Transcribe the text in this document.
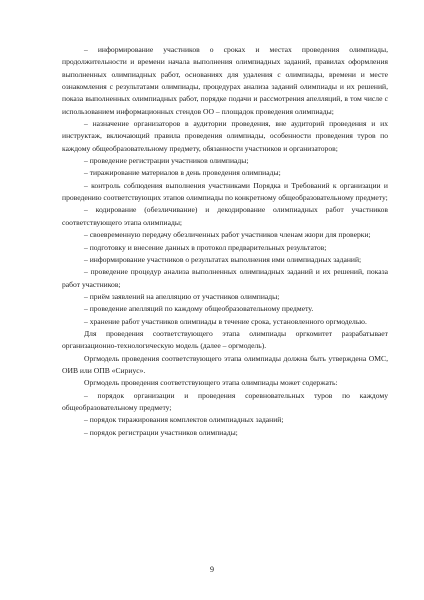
– информирование участников о сроках и местах проведения олимпиады, продолжительности и времени начала выполнения олимпиадных заданий, правилах оформления выполненных олимпиадных работ, основаниях для удаления с олимпиады, времени и месте ознакомления с результатами олимпиады, процедурах анализа заданий олимпиады и их решений, показа выполненных олимпиадных работ, порядке подачи и рассмотрения апелляций, в том числе с использованием информационных стендов ОО – площадок проведения олимпиады;

– назначение организаторов в аудитории проведения, вне аудиторий проведения и их инструктаж, включающий правила проведения олимпиады, особенности проведения туров по каждому общеобразовательному предмету, обязанности участников и организаторов;

– проведение регистрации участников олимпиады;

– тиражирование материалов в день проведения олимпиады;

– контроль соблюдения выполнения участниками Порядка и Требований к организации и проведению соответствующих этапов олимпиады по конкретному общеобразовательному предмету;

– кодирование (обезличивание) и декодирование олимпиадных работ участников соответствующего этапа олимпиады;

– своевременную передачу обезличенных работ участников членам жюри для проверки;

– подготовку и внесение данных в протокол предварительных результатов;

– информирование участников о результатах выполнения ими олимпиадных заданий;

– проведение процедур анализа выполненных олимпиадных заданий и их решений, показа работ участников;

– приём заявлений на апелляцию от участников олимпиады;

– проведение апелляций по каждому общеобразовательному предмету.

– хранение работ участников олимпиады в течение срока, установленного оргмоделью.

Для проведения соответствующего этапа олимпиады оргкомитет разрабатывает организационно-технологическую модель (далее – оргмодель).

Оргмодель проведения соответствующего этапа олимпиады должна быть утверждена ОМС, ОИВ или ОПВ «Сириус».

Оргмодель проведения соответствующего этапа олимпиады может содержать:

– порядок организации и проведения соревновательных туров по каждому общеобразовательному предмету;

– порядок тиражирования комплектов олимпиадных заданий;

– порядок регистрации участников олимпиады;

9
